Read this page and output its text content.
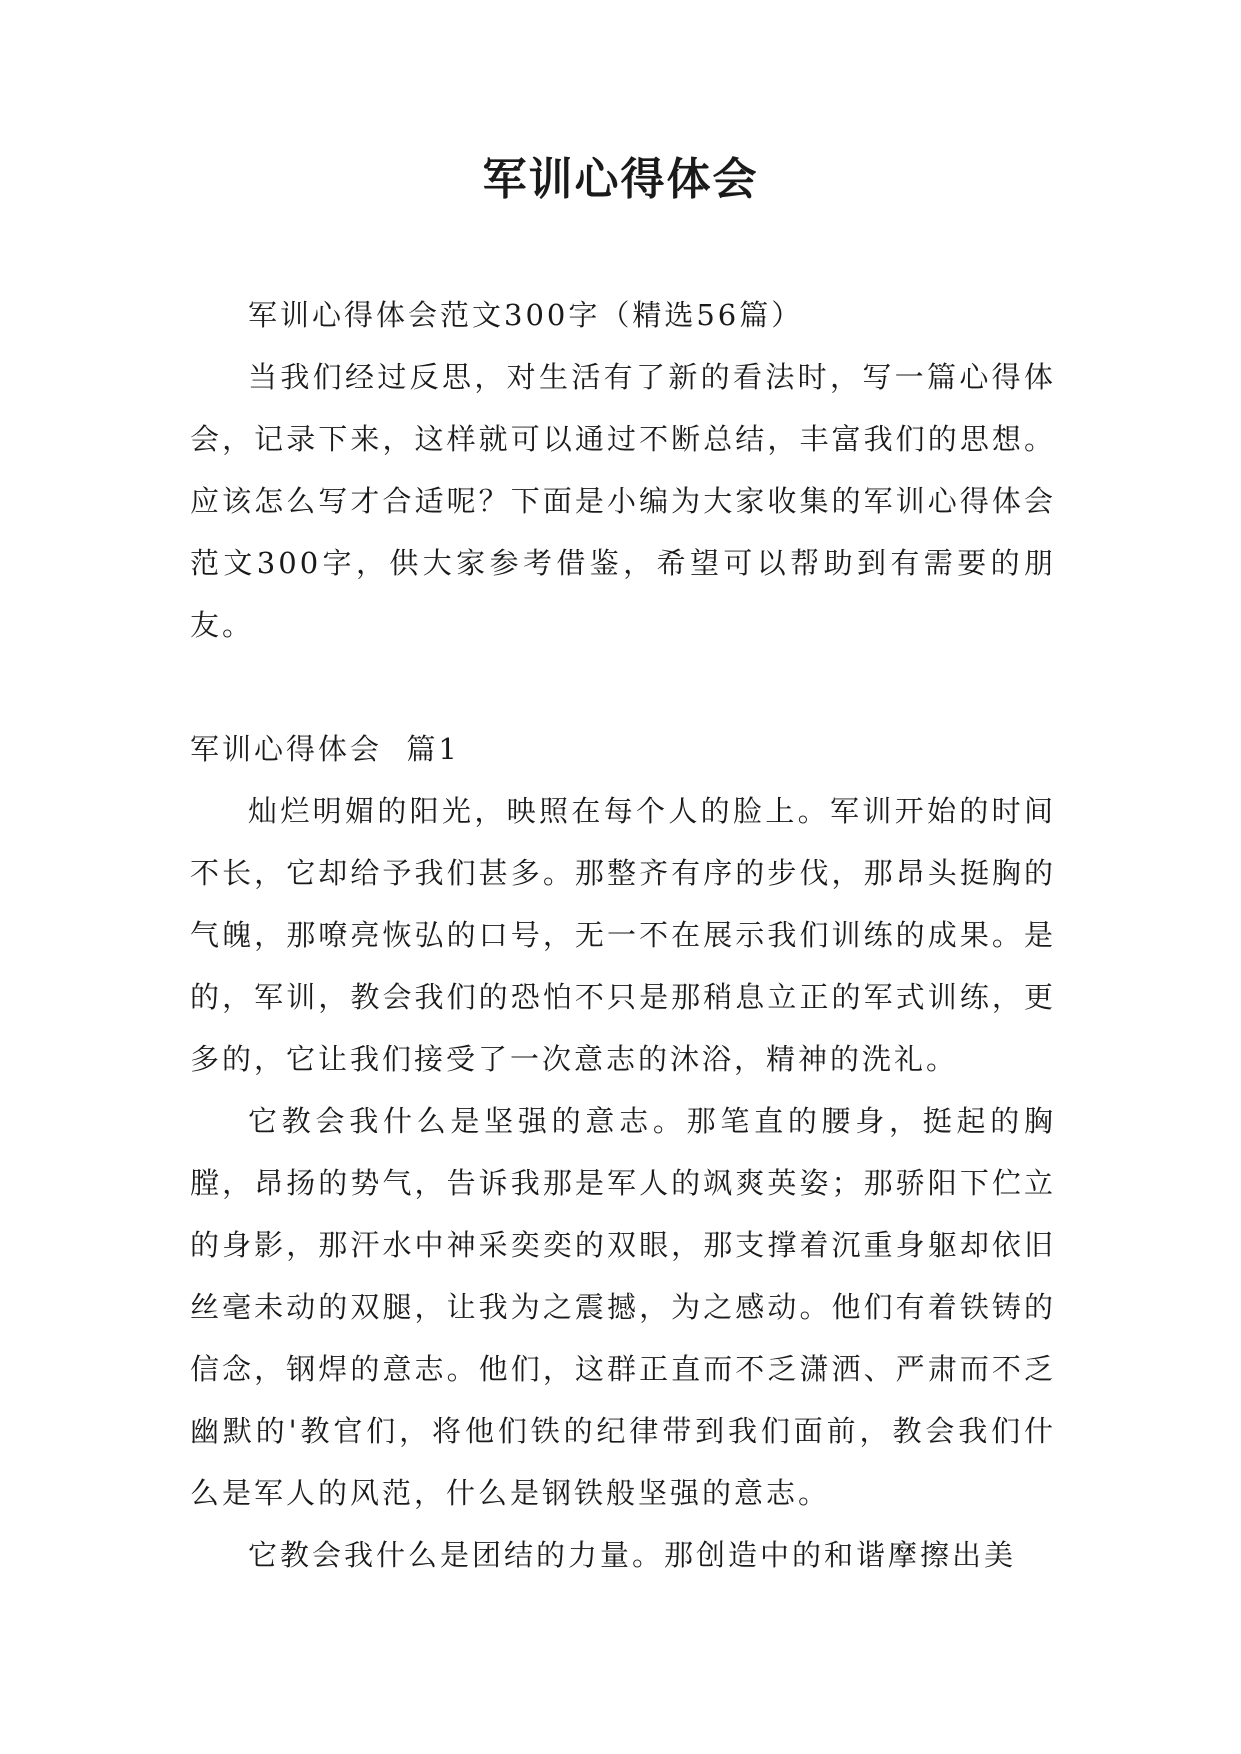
军训心得体会

军训心得体会范文300字（精选56篇）

当我们经过反思，对生活有了新的看法时，写一篇心得体会，记录下来，这样就可以通过不断总结，丰富我们的思想。应该怎么写才合适呢？下面是小编为大家收集的军训心得体会范文300字，供大家参考借鉴，希望可以帮助到有需要的朋友。

军训心得体会  篇1

灿烂明媚的阳光，映照在每个人的脸上。军训开始的时间不长，它却给予我们甚多。那整齐有序的步伐，那昂头挺胸的气魄，那嘹亮恢弘的口号，无一不在展示我们训练的成果。是的，军训，教会我们的恐怕不只是那稍息立正的军式训练，更多的，它让我们接受了一次意志的沐浴，精神的洗礼。

它教会我什么是坚强的意志。那笔直的腰身，挺起的胸膛，昂扬的势气，告诉我那是军人的飒爽英姿；那骄阳下伫立的身影，那汗水中神采奕奕的双眼，那支撑着沉重身躯却依旧丝毫未动的双腿，让我为之震撼，为之感动。他们有着铁铸的信念，钢焊的意志。他们，这群正直而不乏潇洒、严肃而不乏幽默的'教官们，将他们铁的纪律带到我们面前，教会我们什么是军人的风范，什么是钢铁般坚强的意志。

它教会我什么是团结的力量。那创造中的和谐摩擦出美
